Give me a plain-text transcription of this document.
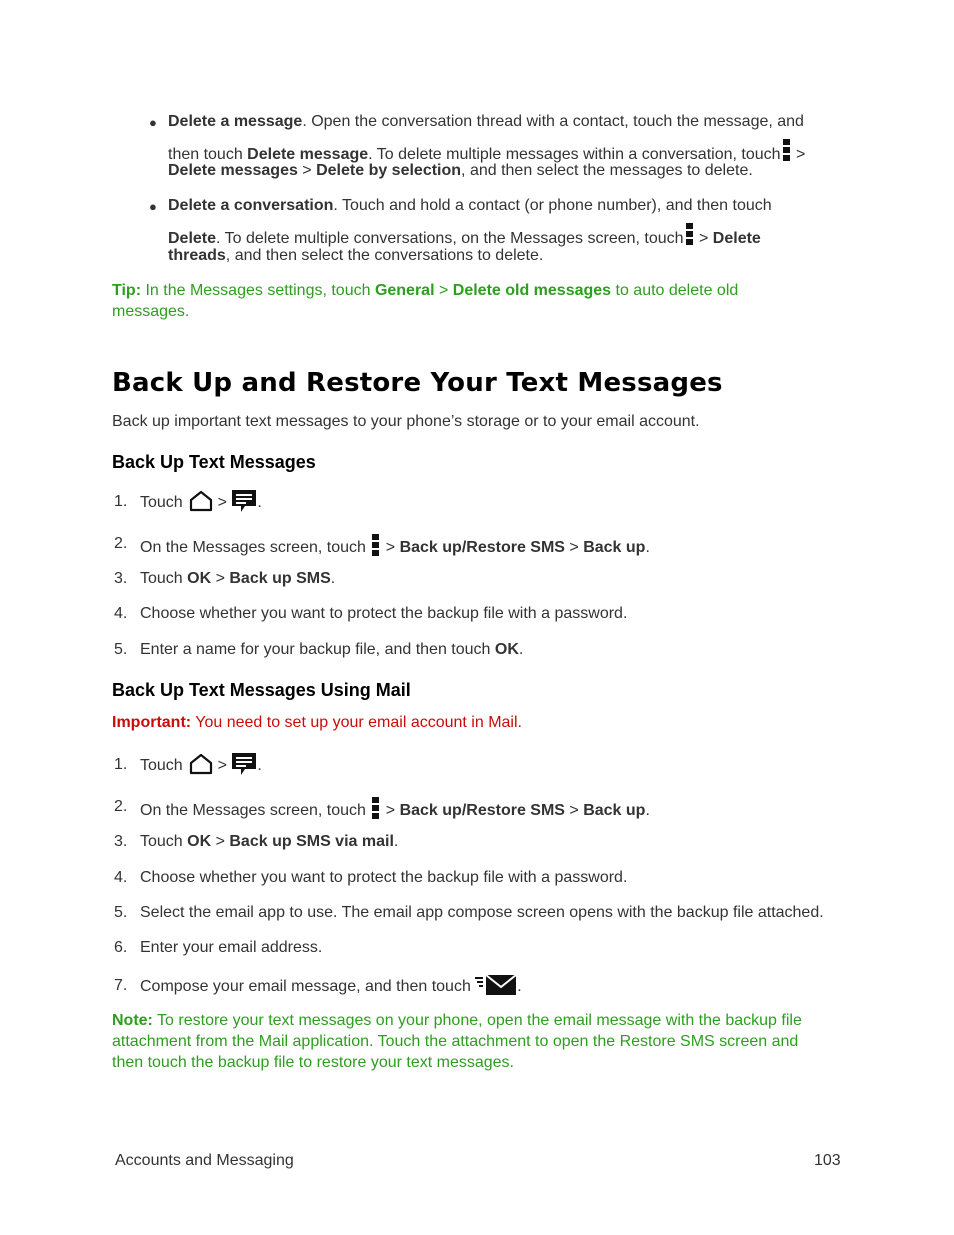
● Delete a message. Open the conversation thread with a contact, touch the message, and
then touch Delete message. To delete multiple messages within a conversation, touch >
Delete messages > Delete by selection, and then select the messages to delete.
● Delete a conversation. Touch and hold a contact (or phone number), and then touch
Delete. To delete multiple conversations, on the Messages screen, touch > Delete
threads, and then select the conversations to delete.
Tip: In the Messages settings, touch General > Delete old messages to auto delete old
messages.
Back Up and Restore Your Text Messages
Back up important text messages to your phone’s storage or to your email account.
Back Up Text Messages
1. Touch  > .
2. On the Messages screen, touch  > Back up/Restore SMS > Back up.
3. Touch OK > Back up SMS.
4. Choose whether you want to protect the backup file with a password.
5. Enter a name for your backup file, and then touch OK.
Back Up Text Messages Using Mail
Important: You need to set up your email account in Mail.
1. Touch  > .
2. On the Messages screen, touch  > Back up/Restore SMS > Back up.
3. Touch OK > Back up SMS via mail.
4. Choose whether you want to protect the backup file with a password.
5. Select the email app to use. The email app compose screen opens with the backup file attached.
6. Enter your email address.
7. Compose your email message, and then touch	.
Note: To restore your text messages on your phone, open the email message with the backup file
attachment from the Mail application. Touch the attachment to open the Restore SMS screen and
then touch the backup file to restore your text messages.
Accounts and Messaging	103
